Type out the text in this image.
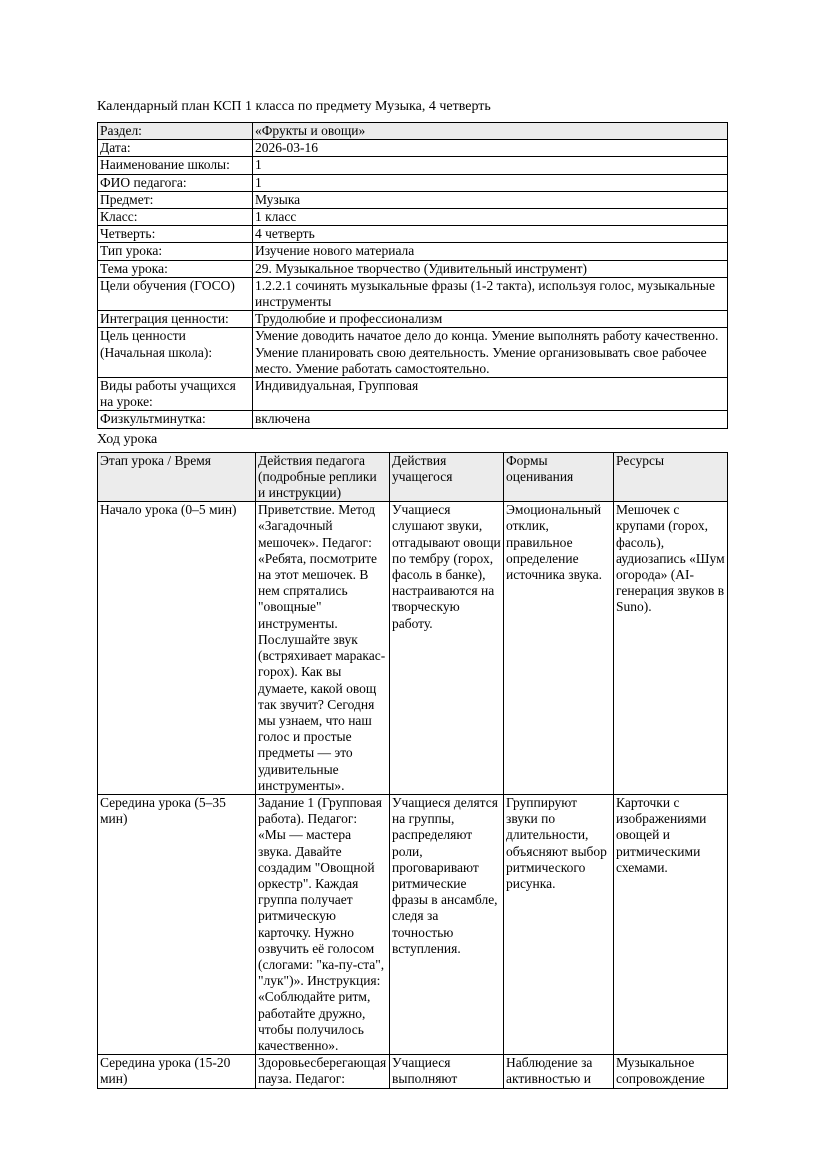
Календарный план КСП 1 класса по предмету Музыка, 4 четверть

Раздел:	«Фрукты и овощи»
Дата:	2026-03-16
Наименование школы:	1
ФИО педагога:	1
Предмет:	Музыка
Класс:	1 класс
Четверть:	4 четверть
Тип урока:	Изучение нового материала
Тема урока:	29. Музыкальное творчество (Удивительный инструмент)
Цели обучения (ГОСО)	1.2.2.1 сочинять музыкальные фразы (1-2 такта), используя голос, музыкальные инструменты
Интеграция ценности:	Трудолюбие и профессионализм
Цель ценности (Начальная школа):	Умение доводить начатое дело до конца. Умение выполнять работу качественно. Умение планировать свою деятельность. Умение организовывать свое рабочее место. Умение работать самостоятельно.
Виды работы учащихся на уроке:	Индивидуальная, Групповая
Физкультминутка:	включена

Ход урока

Этап урока / Время	Действия педагога (подробные реплики и инструкции)	Действия учащегося	Формы оценивания	Ресурсы
Начало урока (0–5 мин)	Приветствие. Метод «Загадочный мешочек». Педагог: «Ребята, посмотрите на этот мешочек. В нем спрятались "овощные" инструменты. Послушайте звук (встряхивает маракас-горох). Как вы думаете, какой овощ так звучит? Сегодня мы узнаем, что наш голос и простые предметы — это удивительные инструменты».	Учащиеся слушают звуки, отгадывают овощи по тембру (горох, фасоль в банке), настраиваются на творческую работу.	Эмоциональный отклик, правильное определение источника звука.	Мешочек с крупами (горох, фасоль), аудиозапись «Шум огорода» (AI-генерация звуков в Suno).
Середина урока (5–35 мин)	Задание 1 (Групповая работа). Педагог: «Мы — мастера звука. Давайте создадим "Овощной оркестр". Каждая группа получает ритмическую карточку. Нужно озвучить её голосом (слогами: "ка-пу-ста", "лук")». Инструкция: «Соблюдайте ритм, работайте дружно, чтобы получилось качественно».	Учащиеся делятся на группы, распределяют роли, проговаривают ритмические фразы в ансамбле, следя за точностью вступления.	Группируют звуки по длительности, объясняют выбор ритмического рисунка.	Карточки с изображениями овощей и ритмическими схемами.
Середина урока (15-20 мин)	Здоровьесберегающая пауза. Педагог:	Учащиеся выполняют	Наблюдение за активностью и	Музыкальное сопровождение
